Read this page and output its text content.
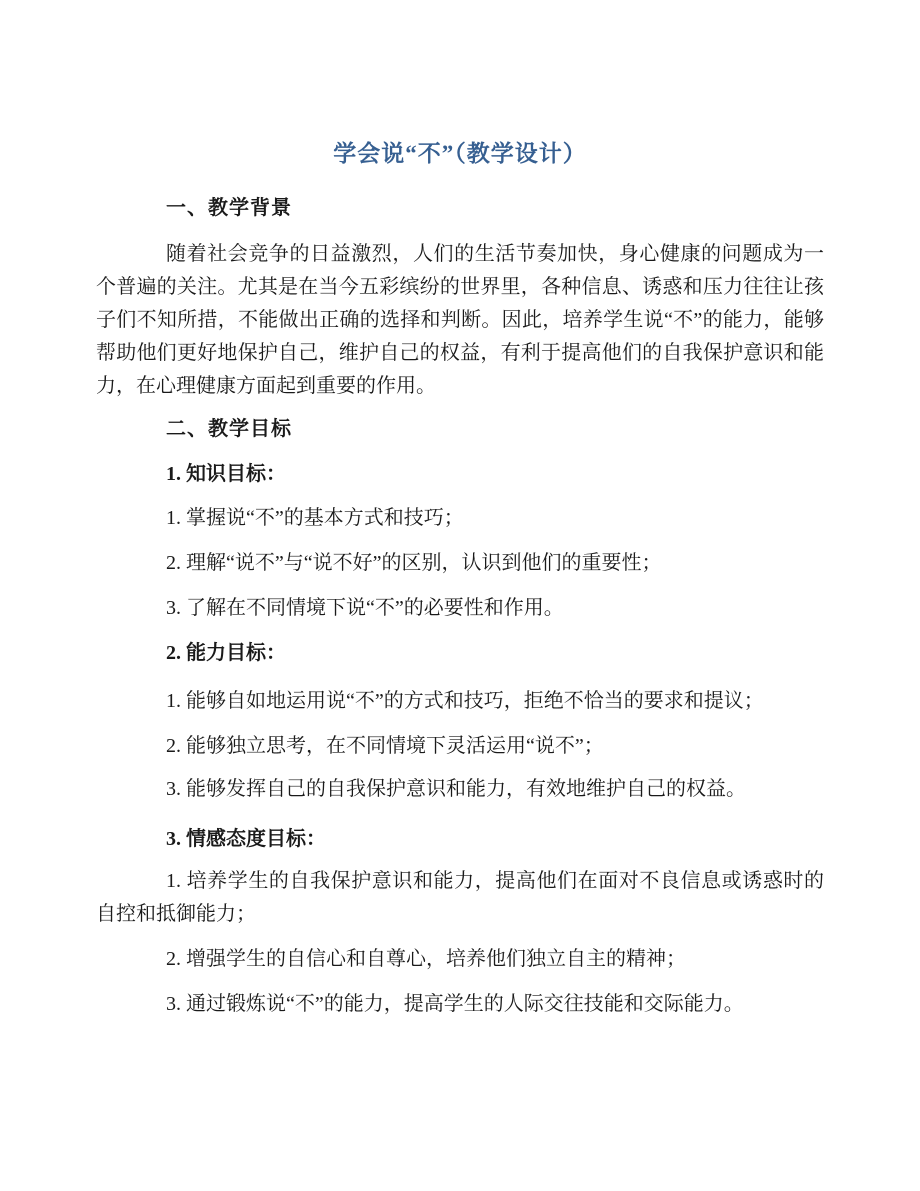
学会说“不”（教学设计）
一、教学背景

随着社会竞争的日益激烈，人们的生活节奏加快，身心健康的问题成为一个普遍的关注。尤其是在当今五彩缤纷的世界里，各种信息、诱惑和压力往往让孩子们不知所措，不能做出正确的选择和判断。因此，培养学生说“不”的能力，能够帮助他们更好地保护自己，维护自己的权益，有利于提高他们的自我保护意识和能力，在心理健康方面起到重要的作用。

二、教学目标
1. 知识目标：

1. 掌握说“不”的基本方式和技巧；

2. 理解“说不”与“说不好”的区别，认识到他们的重要性；

3. 了解在不同情境下说“不”的必要性和作用。

2. 能力目标：

1. 能够自如地运用说“不”的方式和技巧，拒绝不恰当的要求和提议；

2. 能够独立思考，在不同情境下灵活运用“说不”；

3. 能够发挥自己的自我保护意识和能力，有效地维护自己的权益。

3. 情感态度目标：

1. 培养学生的自我保护意识和能力，提高他们在面对不良信息或诱惑时的自控和抵御能力；

2. 增强学生的自信心和自尊心，培养他们独立自主的精神；

3. 通过锻炼说“不”的能力，提高学生的人际交往技能和交际能力。
